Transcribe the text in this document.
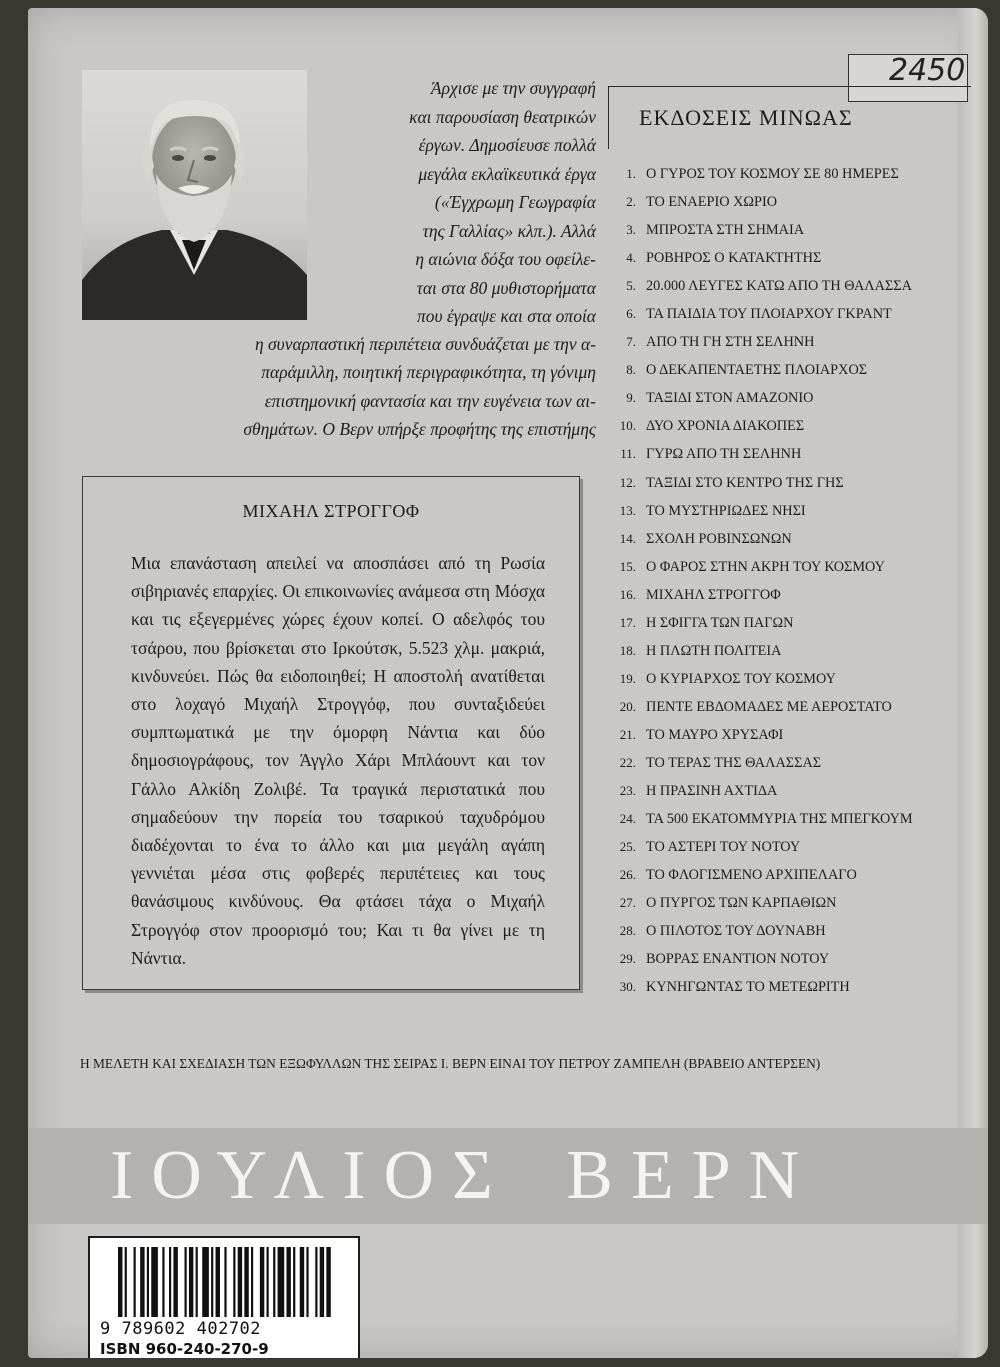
Άρχισε με την συγγραφή
και παρουσίαση θεατρικών
έργων. Δημοσίευσε πολλά
μεγάλα εκλαϊκευτικά έργα
(«Έγχρωμη Γεωγραφία
της Γαλλίας» κλπ.). Αλλά
η αιώνια δόξα του οφείλε-
ται στα 80 μυθιστορήματα
που έγραψε και στα οποία
η συναρπαστική περιπέτεια συνδυάζεται με την α-
παράμιλλη, ποιητική περιγραφικότητα, τη γόνιμη
επιστημονική φαντασία και την ευγένεια των αι-
σθημάτων. Ο Βερν υπήρξε προφήτης της επιστήμης
ΜΙΧΑΗΛ ΣΤΡΟΓΓΟΦ
Μια επανάσταση απειλεί να αποσπάσει από τη Ρωσία σιβηριανές επαρχίες. Οι επικοινωνίες ανάμεσα στη Μόσχα και τις εξεγερμένες χώρες έχουν κοπεί. Ο αδελφός του τσάρου, που βρίσκεται στο Ιρκούτσκ, 5.523 χλμ. μακριά, κινδυνεύει. Πώς θα ειδοποιηθεί; Η αποστολή ανατίθεται στο λοχαγό Μιχαήλ Στρογγόφ, που συνταξιδεύει συμπτωματικά με την όμορφη Νάντια και δύο δημοσιογράφους, τον Άγγλο Χάρι Μπλάουντ και τον Γάλλο Αλκίδη Ζολιβέ. Τα τραγικά περιστατικά που σημαδεύουν την πορεία του τσαρικού ταχυδρόμου διαδέχονται το ένα το άλλο και μια μεγάλη αγάπη γεννιέται μέσα στις φοβερές περιπέτειες και τους θανάσιμους κινδύνους. Θα φτάσει τάχα ο Μιχαήλ Στρογγόφ στον προορισμό του; Και τι θα γίνει με τη Νάντια.
2450
ΕΚΔΟΣΕΙΣ ΜΙΝΩΑΣ
1. Ο ΓΥΡΟΣ ΤΟΥ ΚΟΣΜΟΥ ΣΕ 80 ΗΜΕΡΕΣ
2. ΤΟ ΕΝΑΕΡΙΟ ΧΩΡΙΟ
3. ΜΠΡΟΣΤΑ ΣΤΗ ΣΗΜΑΙΑ
4. ΡΟΒΗΡΟΣ Ο ΚΑΤΑΚΤΗΤΗΣ
5. 20.000 ΛΕΥΓΕΣ ΚΑΤΩ ΑΠΟ ΤΗ ΘΑΛΑΣΣΑ
6. ΤΑ ΠΑΙΔΙΑ ΤΟΥ ΠΛΟΙΑΡΧΟΥ ΓΚΡΑΝΤ
7. ΑΠΟ ΤΗ ΓΗ ΣΤΗ ΣΕΛΗΝΗ
8. Ο ΔΕΚΑΠΕΝΤΑΕΤΗΣ ΠΛΟΙΑΡΧΟΣ
9. ΤΑΞΙΔΙ ΣΤΟΝ ΑΜΑΖΟΝΙΟ
10. ΔΥΟ ΧΡΟΝΙΑ ΔΙΑΚΟΠΕΣ
11. ΓΥΡΩ ΑΠΟ ΤΗ ΣΕΛΗΝΗ
12. ΤΑΞΙΔΙ ΣΤΟ ΚΕΝΤΡΟ ΤΗΣ ΓΗΣ
13. ΤΟ ΜΥΣΤΗΡΙΩΔΕΣ ΝΗΣΙ
14. ΣΧΟΛΗ ΡΟΒΙΝΣΩΝΩΝ
15. Ο ΦΑΡΟΣ ΣΤΗΝ ΑΚΡΗ ΤΟΥ ΚΟΣΜΟΥ
16. ΜΙΧΑΗΛ ΣΤΡΟΓΓΟΦ
17. Η ΣΦΙΓΓΑ ΤΩΝ ΠΑΓΩΝ
18. Η ΠΛΩΤΗ ΠΟΛΙΤΕΙΑ
19. Ο ΚΥΡΙΑΡΧΟΣ ΤΟΥ ΚΟΣΜΟΥ
20. ΠΕΝΤΕ ΕΒΔΟΜΑΔΕΣ ΜΕ ΑΕΡΟΣΤΑΤΟ
21. ΤΟ ΜΑΥΡΟ ΧΡΥΣΑΦΙ
22. ΤΟ ΤΕΡΑΣ ΤΗΣ ΘΑΛΑΣΣΑΣ
23. Η ΠΡΑΣΙΝΗ ΑΧΤΙΔΑ
24. ΤΑ 500 ΕΚΑΤΟΜΜΥΡΙΑ ΤΗΣ ΜΠΕΓΚΟΥΜ
25. ΤΟ ΑΣΤΕΡΙ ΤΟΥ ΝΟΤΟΥ
26. ΤΟ ΦΛΟΓΙΣΜΕΝΟ ΑΡΧΙΠΕΛΑΓΟ
27. Ο ΠΥΡΓΟΣ ΤΩΝ ΚΑΡΠΑΘΙΩΝ
28. Ο ΠΙΛΟΤΟΣ ΤΟΥ ΔΟΥΝΑΒΗ
29. ΒΟΡΡΑΣ ΕΝΑΝΤΙΟΝ ΝΟΤΟΥ
30. ΚΥΝΗΓΩΝΤΑΣ ΤΟ ΜΕΤΕΩΡΙΤΗ
Η ΜΕΛΕΤΗ ΚΑΙ ΣΧΕΔΙΑΣΗ ΤΩΝ ΕΞΩΦΥΛΛΩΝ ΤΗΣ ΣΕΙΡΑΣ Ι. ΒΕΡΝ ΕΙΝΑΙ ΤΟΥ ΠΕΤΡΟΥ ΖΑΜΠΕΛΗ (ΒΡΑΒΕΙΟ ΑΝΤΕΡΣΕΝ)
ΙΟΥΛΙΟΣ ΒΕΡΝ
9 789602 402702
ISBN 960-240-270-9
